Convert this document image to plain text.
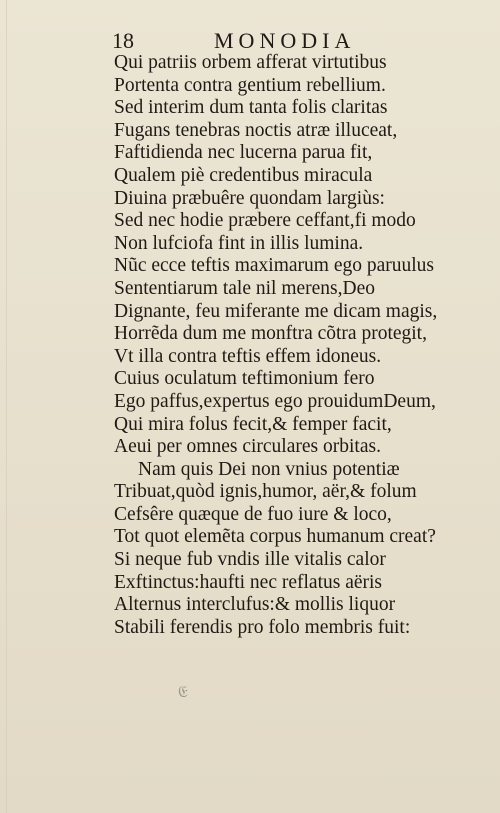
18	MONODIA
Qui patriis orbem afferat virtutibus
Portenta contra gentium rebellium.
Sed interim dum tanta folis claritas
Fugans tenebras noctis atræ illuceat,
Faftidienda nec lucerna parua fit,
Qualem piè credentibus miracula
Diuina præbuêre quondam largiùs:
Sed nec hodie præbere ceffant,fi modo
Non lufciofa fint in illis lumina.
Nũc ecce teftis maximarum ego paruulus
Sententiarum tale nil merens,Deo
Dignante, feu miferante me dicam magis,
Horrẽda dum me monftra cõtra protegit,
Vt illa contra teftis effem idoneus.
Cuius oculatum teftimonium fero
Ego paffus,expertus ego prouidumDeum,
Qui mira folus fecit,& femper facit,
Aeui per omnes circulares orbitas.
Nam quis Dei non vnius potentiæ
Tribuat,quòd ignis,humor, aër,& folum
Cefsêre quæque de fuo iure & loco,
Tot quot elemẽta corpus humanum creat?
Si neque fub vndis ille vitalis calor
Exftinctus:haufti nec reflatus aëris
Alternus interclufus:& mollis liquor
Stabili ferendis pro folo membris fuit:
𝔈
